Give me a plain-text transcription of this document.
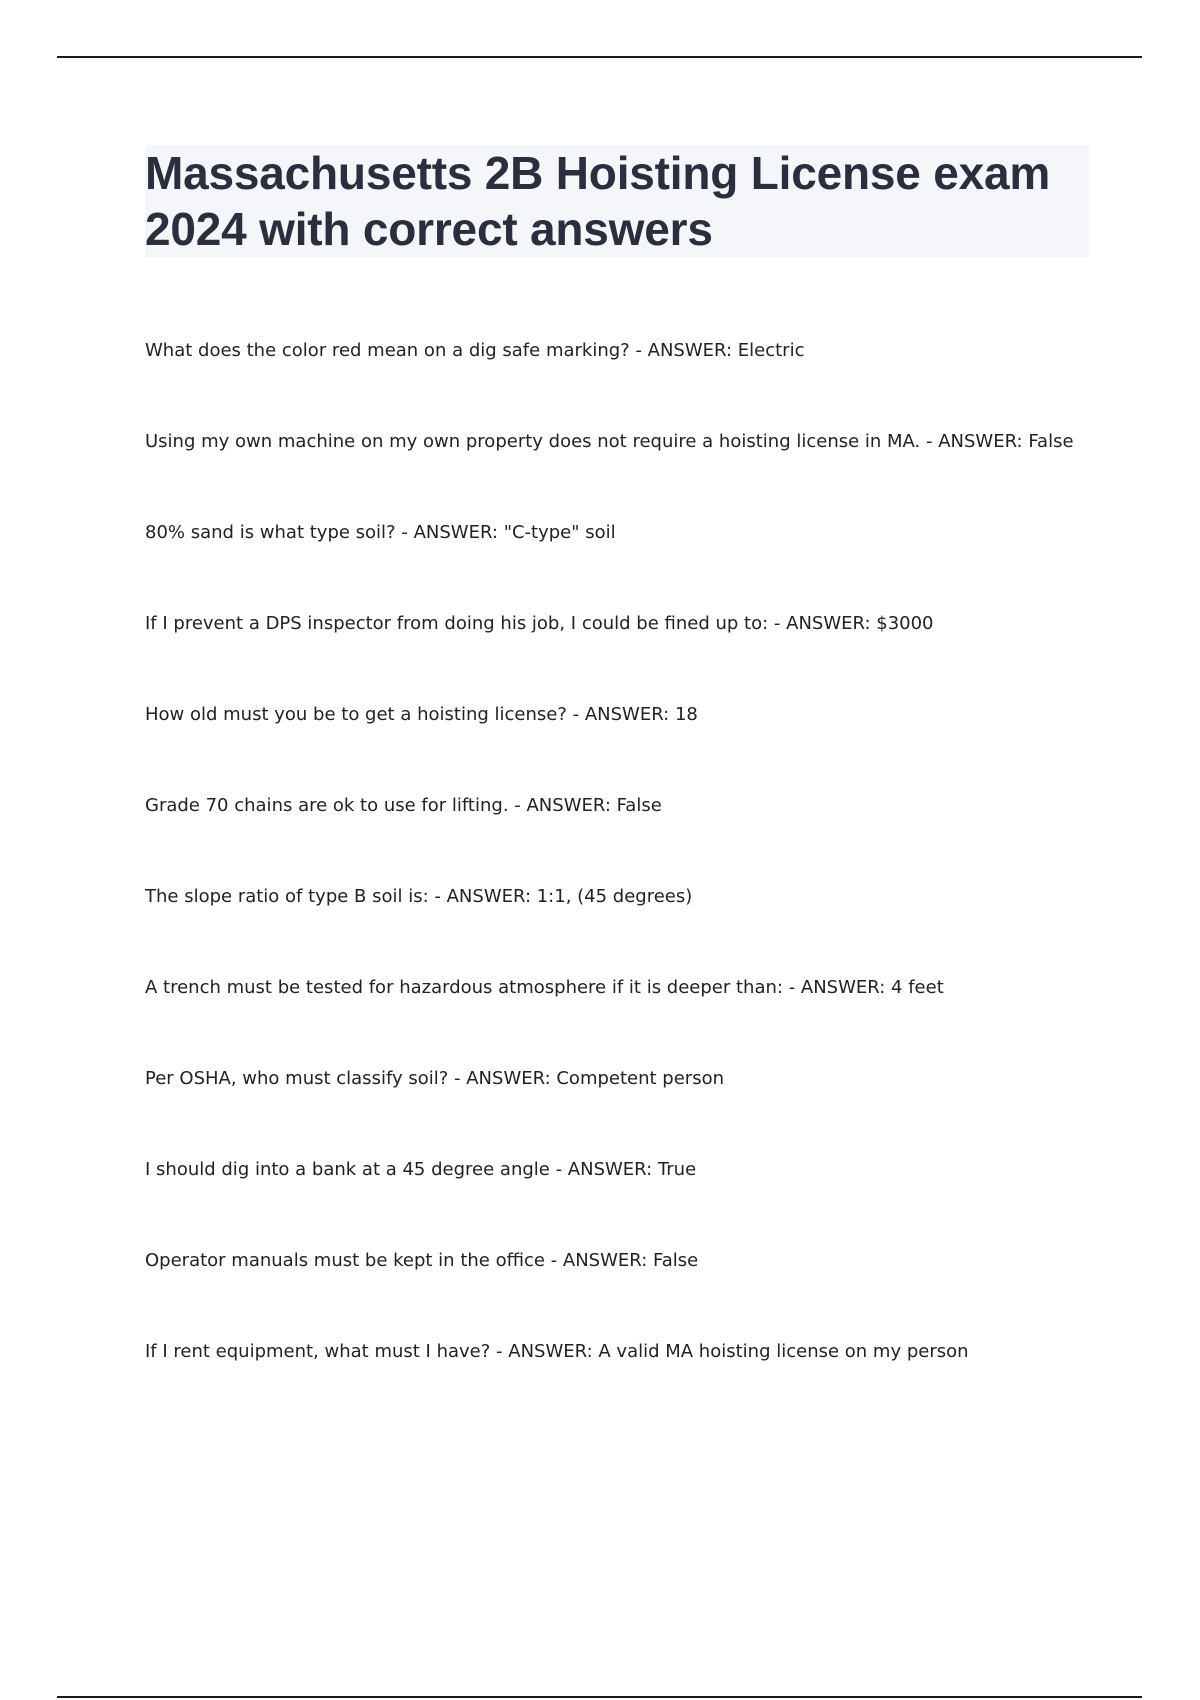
Massachusetts 2B Hoisting License exam 2024 with correct answers
What does the color red mean on a dig safe marking? - ANSWER: Electric
Using my own machine on my own property does not require a hoisting license in MA. - ANSWER: False
80% sand is what type soil? - ANSWER: "C-type" soil
If I prevent a DPS inspector from doing his job, I could be fined up to: - ANSWER: $3000
How old must you be to get a hoisting license? - ANSWER: 18
Grade 70 chains are ok to use for lifting. - ANSWER: False
The slope ratio of type B soil is: - ANSWER: 1:1, (45 degrees)
A trench must be tested for hazardous atmosphere if it is deeper than: - ANSWER: 4 feet
Per OSHA, who must classify soil? - ANSWER: Competent person
I should dig into a bank at a 45 degree angle - ANSWER: True
Operator manuals must be kept in the office - ANSWER: False
If I rent equipment, what must I have? - ANSWER: A valid MA hoisting license on my person
